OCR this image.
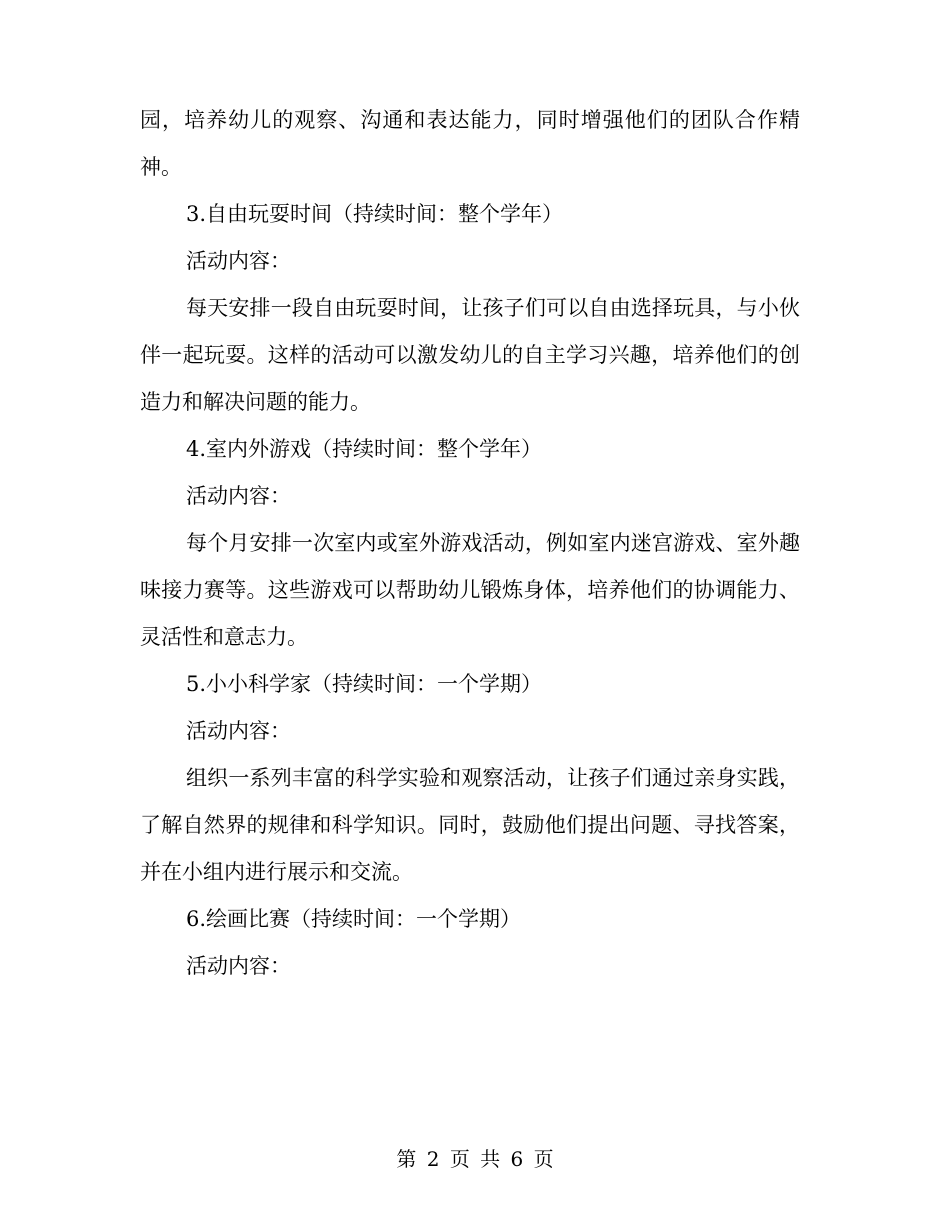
园，培养幼儿的观察、沟通和表达能力，同时增强他们的团队合作精神。

3.自由玩耍时间（持续时间：整个学年）

活动内容：

每天安排一段自由玩耍时间，让孩子们可以自由选择玩具，与小伙伴一起玩耍。这样的活动可以激发幼儿的自主学习兴趣，培养他们的创造力和解决问题的能力。

4.室内外游戏（持续时间：整个学年）

活动内容：

每个月安排一次室内或室外游戏活动，例如室内迷宫游戏、室外趣味接力赛等。这些游戏可以帮助幼儿锻炼身体，培养他们的协调能力、灵活性和意志力。

5.小小科学家（持续时间：一个学期）

活动内容：

组织一系列丰富的科学实验和观察活动，让孩子们通过亲身实践，了解自然界的规律和科学知识。同时，鼓励他们提出问题、寻找答案，并在小组内进行展示和交流。

6.绘画比赛（持续时间：一个学期）

活动内容：

第 2 页 共 6 页
